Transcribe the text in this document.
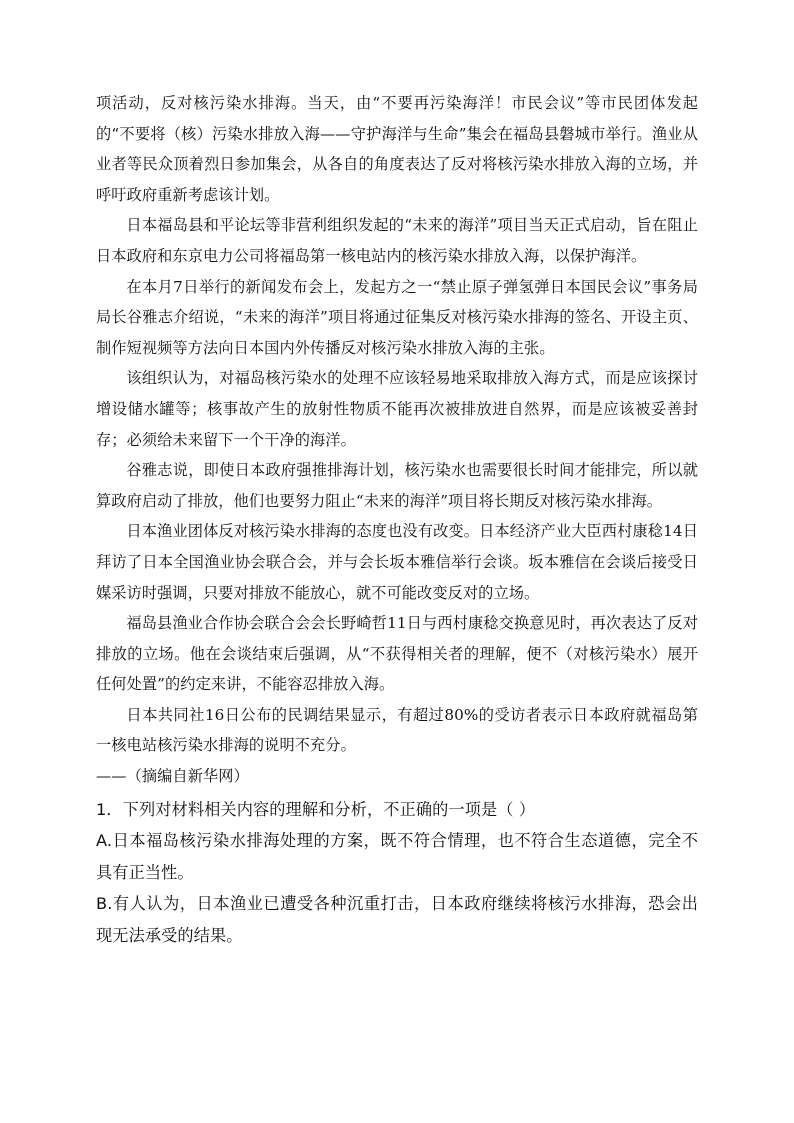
项活动，反对核污染水排海。当天，由“不要再污染海洋！市民会议”等市民团体发起的“不要将（核）污染水排放入海——守护海洋与生命”集会在福岛县磐城市举行。渔业从业者等民众顶着烈日参加集会，从各自的角度表达了反对将核污染水排放入海的立场，并呼吁政府重新考虑该计划。

日本福岛县和平论坛等非营利组织发起的“未来的海洋”项目当天正式启动，旨在阻止日本政府和东京电力公司将福岛第一核电站内的核污染水排放入海，以保护海洋。

在本月7日举行的新闻发布会上，发起方之一“禁止原子弹氢弹日本国民会议”事务局局长谷雅志介绍说，“未来的海洋”项目将通过征集反对核污染水排海的签名、开设主页、制作短视频等方法向日本国内外传播反对核污染水排放入海的主张。

该组织认为，对福岛核污染水的处理不应该轻易地采取排放入海方式，而是应该探讨增设储水罐等；核事故产生的放射性物质不能再次被排放进自然界，而是应该被妥善封存；必须给未来留下一个干净的海洋。

谷雅志说，即使日本政府强推排海计划，核污染水也需要很长时间才能排完，所以就算政府启动了排放，他们也要努力阻止“未来的海洋”项目将长期反对核污染水排海。

日本渔业团体反对核污染水排海的态度也没有改变。日本经济产业大臣西村康稔14日拜访了日本全国渔业协会联合会，并与会长坂本雅信举行会谈。坂本雅信在会谈后接受日媒采访时强调，只要对排放不能放心，就不可能改变反对的立场。

福岛县渔业合作协会联合会会长野崎哲11日与西村康稔交换意见时，再次表达了反对排放的立场。他在会谈结束后强调，从“不获得相关者的理解，便不（对核污染水）展开任何处置”的约定来讲，不能容忍排放入海。

日本共同社16日公布的民调结果显示，有超过80%的受访者表示日本政府就福岛第一核电站核污染水排海的说明不充分。

——（摘编自新华网）

1．下列对材料相关内容的理解和分析，不正确的一项是（ ）

A.日本福岛核污染水排海处理的方案，既不符合情理，也不符合生态道德，完全不具有正当性。

B.有人认为，日本渔业已遭受各种沉重打击，日本政府继续将核污水排海，恐会出现无法承受的结果。
